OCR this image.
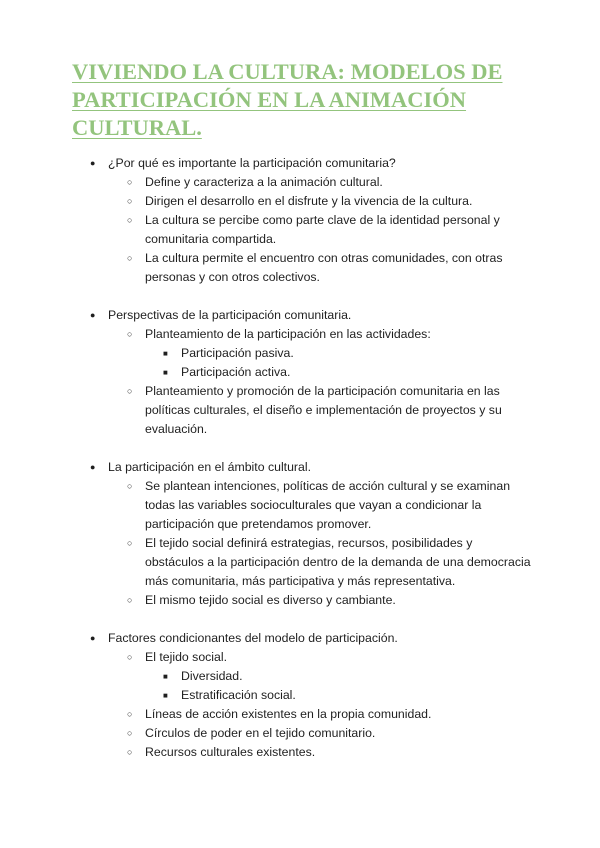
VIVIENDO LA CULTURA: MODELOS DE PARTICIPACIÓN EN LA ANIMACIÓN CULTURAL.
● ¿Por qué es importante la participación comunitaria?
○ Define y caracteriza a la animación cultural.
○ Dirigen el desarrollo en el disfrute y la vivencia de la cultura.
○ La cultura se percibe como parte clave de la identidad personal y
comunitaria compartida.
○ La cultura permite el encuentro con otras comunidades, con otras
personas y con otros colectivos.
● Perspectivas de la participación comunitaria.
○ Planteamiento de la participación en las actividades:
■ Participación pasiva.
■ Participación activa.
○ Planteamiento y promoción de la participación comunitaria en las
políticas culturales, el diseño e implementación de proyectos y su
evaluación.
● La participación en el ámbito cultural.
○ Se plantean intenciones, políticas de acción cultural y se examinan
todas las variables socioculturales que vayan a condicionar la
participación que pretendamos promover.
○ El tejido social definirá estrategias, recursos, posibilidades y
obstáculos a la participación dentro de la demanda de una democracia
más comunitaria, más participativa y más representativa.
○ El mismo tejido social es diverso y cambiante.
● Factores condicionantes del modelo de participación.
○ El tejido social.
■ Diversidad.
■ Estratificación social.
○ Líneas de acción existentes en la propia comunidad.
○ Círculos de poder en el tejido comunitario.
○ Recursos culturales existentes.
